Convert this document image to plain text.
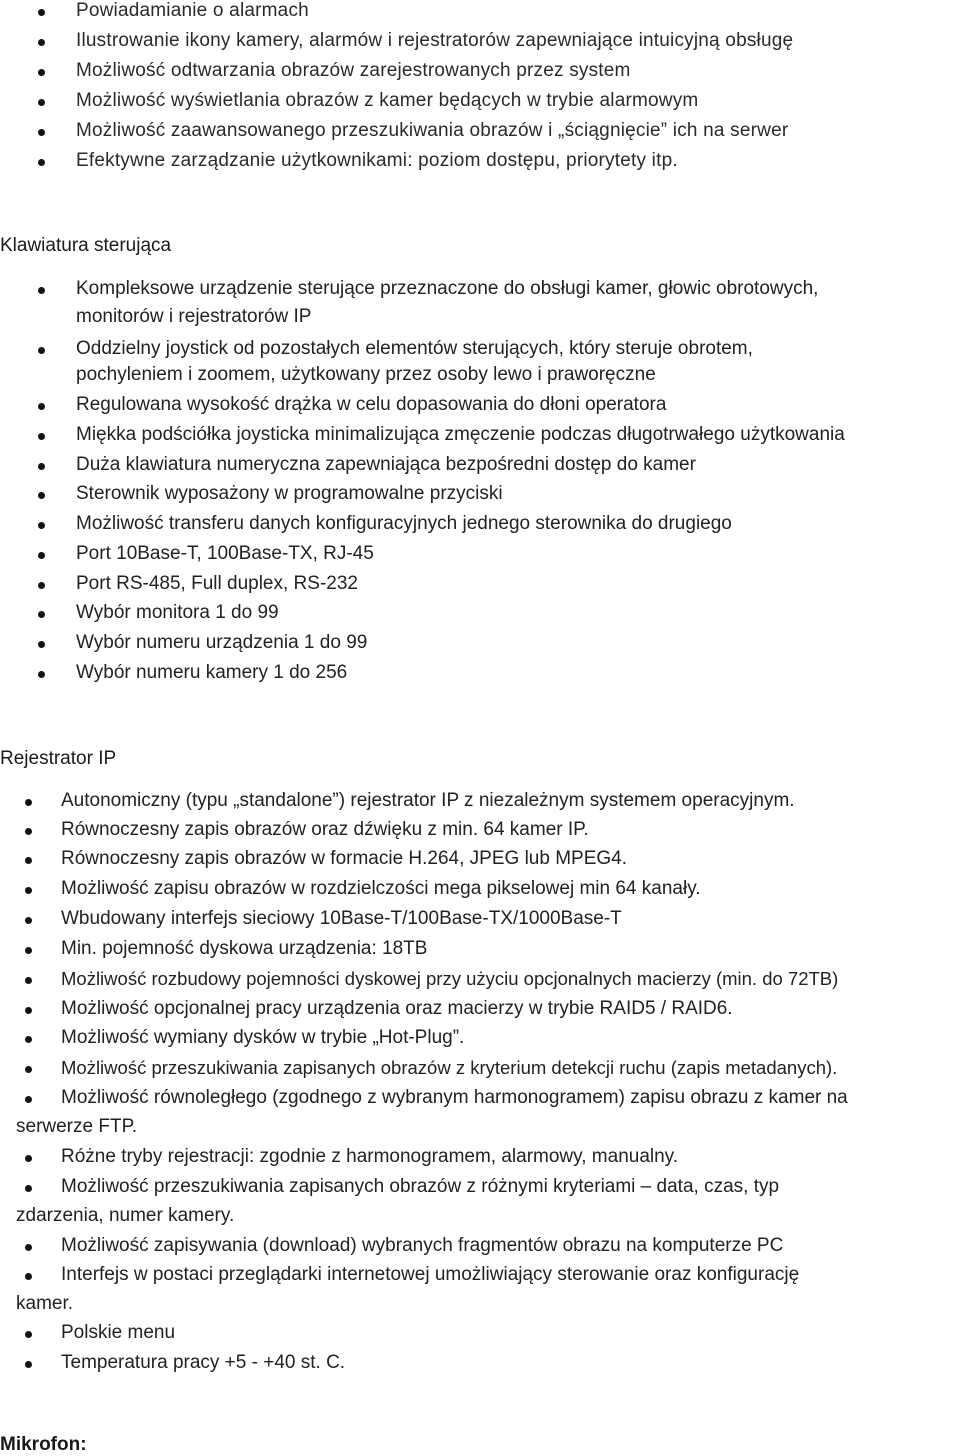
Powiadamianie o alarmach
Ilustrowanie ikony kamery, alarmów i rejestratorów zapewniające intuicyjną obsługę
Możliwość odtwarzania obrazów zarejestrowanych przez system
Możliwość wyświetlania obrazów z kamer będących w trybie alarmowym
Możliwość zaawansowanego przeszukiwania obrazów i „ściągnięcie” ich na serwer
Efektywne zarządzanie użytkownikami: poziom dostępu, priorytety itp.
Klawiatura sterująca
Kompleksowe urządzenie sterujące przeznaczone do obsługi kamer, głowic obrotowych,
Oddzielny joystick od pozostałych elementów sterujących, który steruje obrotem,
Regulowana wysokość drążka w celu dopasowania do dłoni operatora
Miękka podściółka joysticka minimalizująca zmęczenie podczas długotrwałego użytkowania
Duża klawiatura numeryczna zapewniająca bezpośredni dostęp do kamer
Sterownik wyposażony w programowalne przyciski
Możliwość transferu danych konfiguracyjnych jednego sterownika do drugiego
Port 10Base-T, 100Base-TX, RJ-45
Port RS-485, Full duplex, RS-232
Wybór monitora 1 do 99
Wybór numeru urządzenia 1 do 99
Wybór numeru kamery 1 do 256
monitorów i rejestratorów IP
pochyleniem i zoomem, użytkowany przez osoby lewo i praworęczne
Rejestrator IP
Autonomiczny (typu „standalone”) rejestrator IP z niezależnym systemem operacyjnym.
Równoczesny zapis obrazów oraz dźwięku z min. 64 kamer IP.
Równoczesny zapis obrazów w formacie H.264, JPEG lub MPEG4.
Możliwość zapisu obrazów w rozdzielczości mega pikselowej min 64 kanały.
Wbudowany interfejs sieciowy 10Base-T/100Base-TX/1000Base-T
Min. pojemność dyskowa urządzenia: 18TB
Możliwość rozbudowy pojemności dyskowej przy użyciu opcjonalnych macierzy (min. do 72TB)
Możliwość opcjonalnej pracy urządzenia oraz macierzy w trybie RAID5 / RAID6.
Możliwość wymiany dysków w trybie „Hot-Plug”.
Możliwość przeszukiwania zapisanych obrazów z kryterium detekcji ruchu (zapis metadanych).
Możliwość równoległego (zgodnego z wybranym harmonogramem) zapisu obrazu z kamer na
Różne tryby rejestracji: zgodnie z harmonogramem, alarmowy, manualny.
Możliwość przeszukiwania zapisanych obrazów z różnymi kryteriami – data, czas, typ
Możliwość zapisywania (download) wybranych fragmentów obrazu na komputerze PC
Interfejs w postaci przeglądarki internetowej umożliwiający sterowanie oraz konfigurację
Polskie menu
Temperatura pracy +5 - +40 st. C.
serwerze FTP.
zdarzenia, numer kamery.
kamer.
Mikrofon:
